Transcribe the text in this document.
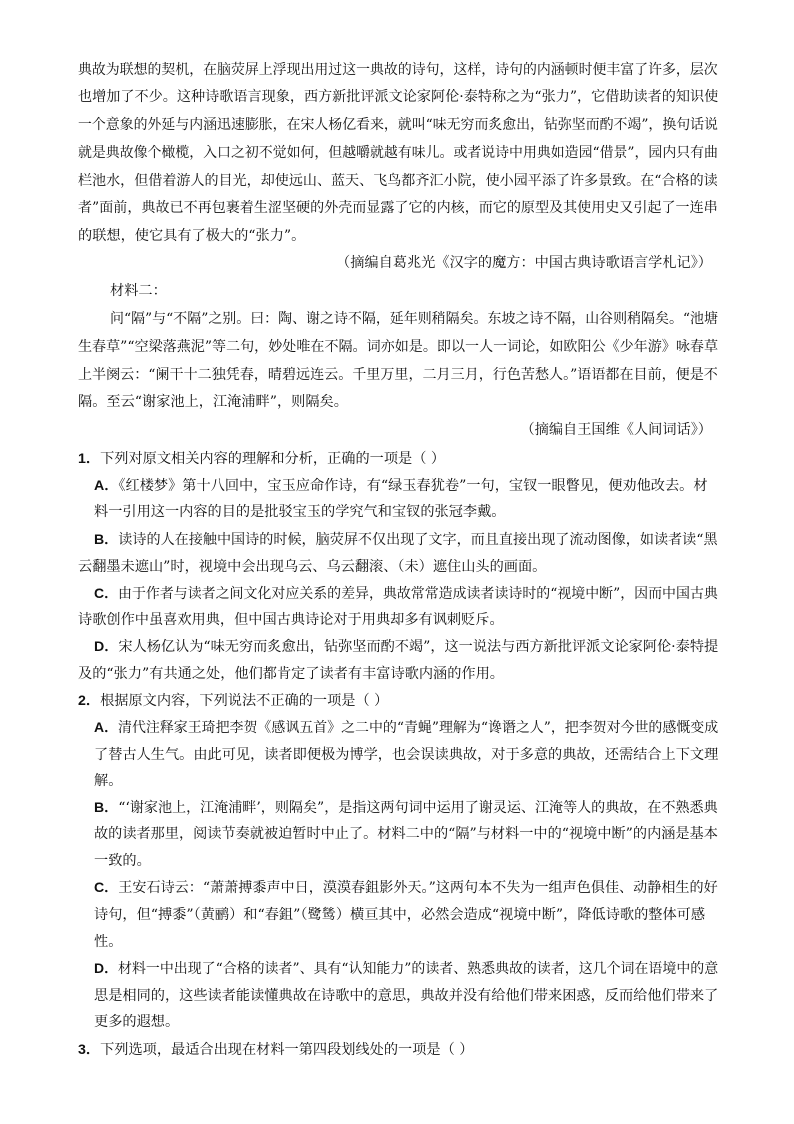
典故为联想的契机，在脑荧屏上浮现出用过这一典故的诗句，这样，诗句的内涵顿时便丰富了许多，层次
也增加了不少。这种诗歌语言现象，西方新批评派文论家阿伦·泰特称之为“张力”，它借助读者的知识使
一个意象的外延与内涵迅速膨胀，在宋人杨亿看来，就叫“味无穷而炙愈出，钻弥坚而酌不竭”，换句话说
就是典故像个橄榄，入口之初不觉如何，但越嚼就越有味儿。或者说诗中用典如造园“借景”，园内只有曲
栏池水，但借着游人的目光，却使远山、蓝天、飞鸟都齐汇小院，使小园平添了许多景致。在“合格的读
者”面前，典故已不再包裹着生涩坚硬的外壳而显露了它的内核，而它的原型及其使用史又引起了一连串
的联想，使它具有了极大的“张力”。
（摘编自葛兆光《汉字的魔方：中国古典诗歌语言学札记》）
材料二：
问“隔”与“不隔”之别。曰：陶、谢之诗不隔，延年则稍隔矣。东坡之诗不隔，山谷则稍隔矣。“池塘
生春草”“空梁落燕泥”等二句，妙处唯在不隔。词亦如是。即以一人一词论，如欧阳公《少年游》咏春草
上半阕云：“阑干十二独凭春，晴碧远连云。千里万里，二月三月，行色苦愁人。”语语都在目前，便是不
隔。至云“谢家池上，江淹浦畔”，则隔矣。
（摘编自王国维《人间词话》）
1．下列对原文相关内容的理解和分析，正确的一项是（ ）
A．《红楼梦》第十八回中，宝玉应命作诗，有“绿玉春犹卷”一句，宝钗一眼瞥见，便劝他改去。材
料一引用这一内容的目的是批驳宝玉的学究气和宝钗的张冠李戴。
B．读诗的人在接触中国诗的时候，脑荧屏不仅出现了文字，而且直接出现了流动图像，如读者读“黑
云翻墨未遮山”时，视境中会出现乌云、乌云翻滚、（未）遮住山头的画面。
C．由于作者与读者之间文化对应关系的差异，典故常常造成读者读诗时的“视境中断”，因而中国古典
诗歌创作中虽喜欢用典，但中国古典诗论对于用典却多有讽刺贬斥。
D．宋人杨亿认为“味无穷而炙愈出，钻弥坚而酌不竭”，这一说法与西方新批评派文论家阿伦·泰特提
及的“张力”有共通之处，他们都肯定了读者有丰富诗歌内涵的作用。
2．根据原文内容，下列说法不正确的一项是（ ）
A．清代注释家王琦把李贺《感讽五首》之二中的“青蝇”理解为“谗谮之人”，把李贺对今世的感慨变成
了替古人生气。由此可见，读者即便极为博学，也会误读典故，对于多意的典故，还需结合上下文理
解。
B．“‘谢家池上，江淹浦畔’，则隔矣”，是指这两句词中运用了谢灵运、江淹等人的典故，在不熟悉典
故的读者那里，阅读节奏就被迫暂时中止了。材料二中的“隔”与材料一中的“视境中断”的内涵是基本
一致的。
C．王安石诗云：“萧萧搏黍声中日，漠漠春鉏影外天。”这两句本不失为一组声色俱佳、动静相生的好
诗句，但“搏黍”（黄鹂）和“春鉏”（鹭鸶）横亘其中，必然会造成“视境中断”，降低诗歌的整体可感
性。
D．材料一中出现了“合格的读者”、具有“认知能力”的读者、熟悉典故的读者，这几个词在语境中的意
思是相同的，这些读者能读懂典故在诗歌中的意思，典故并没有给他们带来困惑，反而给他们带来了
更多的遐想。
3．下列选项，最适合出现在材料一第四段划线处的一项是（ ）
